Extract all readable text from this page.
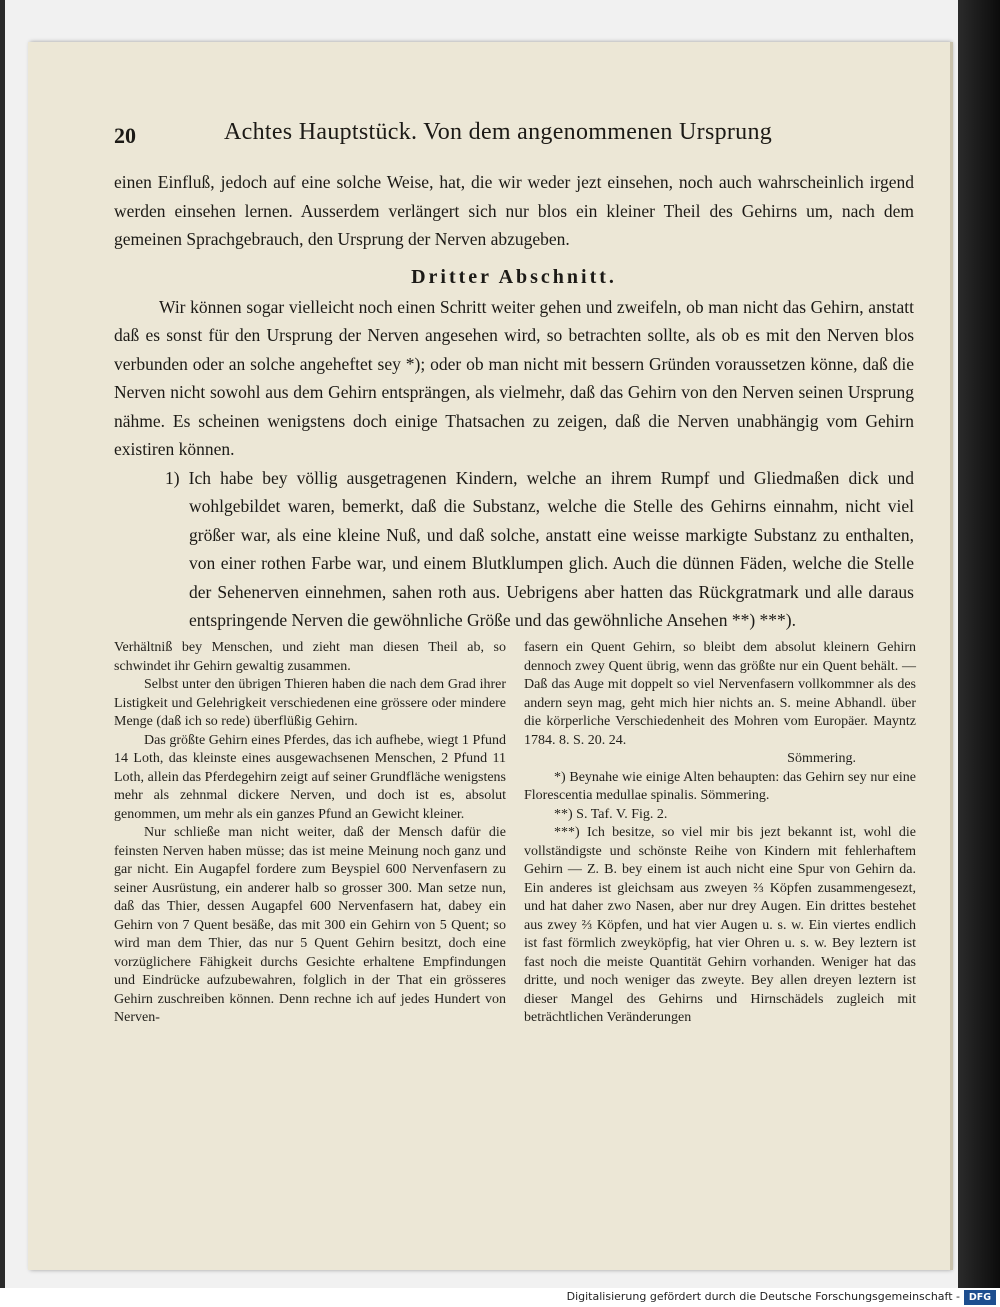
20	Achtes Hauptstück. Von dem angenommenen Ursprung

einen Einfluß, jedoch auf eine solche Weise, hat, die wir weder jezt einsehen, noch auch wahrscheinlich irgend werden einsehen lernen. Ausserdem verlängert sich nur blos ein kleiner Theil des Gehirns um, nach dem gemeinen Sprachgebrauch, den Ursprung der Nerven abzugeben.

Dritter Abschnitt.

Wir können sogar vielleicht noch einen Schritt weiter gehen und zweifeln, ob man nicht das Gehirn, anstatt daß es sonst für den Ursprung der Nerven angesehen wird, so betrachten sollte, als ob es mit den Nerven blos verbunden oder an solche angeheftet sey *); oder ob man nicht mit bessern Gründen voraussetzen könne, daß die Nerven nicht sowohl aus dem Gehirn entsprängen, als vielmehr, daß das Gehirn von den Nerven seinen Ursprung nähme. Es scheinen wenigstens doch einige Thatsachen zu zeigen, daß die Nerven unabhängig vom Gehirn existiren können.

1) Ich habe bey völlig ausgetragenen Kindern, welche an ihrem Rumpf und Gliedmaßen dick und wohlgebildet waren, bemerkt, daß die Substanz, welche die Stelle des Gehirns einnahm, nicht viel größer war, als eine kleine Nuß, und daß solche, anstatt eine weisse markigte Substanz zu enthalten, von einer rothen Farbe war, und einem Blutklumpen glich. Auch die dünnen Fäden, welche die Stelle der Sehenerven einnehmen, sahen roth aus. Uebrigens aber hatten das Rückgratmark und alle daraus entspringende Nerven die gewöhnliche Größe und das gewöhnliche Ansehen **) ***).

Verhältniß bey Menschen, und zieht man diesen Theil ab, so schwindet ihr Gehirn gewaltig zusammen.

Selbst unter den übrigen Thieren haben die nach dem Grad ihrer Listigkeit und Gelehrigkeit verschiedenen eine grössere oder mindere Menge (daß ich so rede) überflüßig Gehirn.

Das größte Gehirn eines Pferdes, das ich aufhebe, wiegt 1 Pfund 14 Loth, das kleinste eines ausgewachsenen Menschen, 2 Pfund 11 Loth, allein das Pferdegehirn zeigt auf seiner Grundfläche wenigstens mehr als zehnmal dickere Nerven, und doch ist es, absolut genommen, um mehr als ein ganzes Pfund an Gewicht kleiner.

Nur schließe man nicht weiter, daß der Mensch dafür die feinsten Nerven haben müsse; das ist meine Meinung noch ganz und gar nicht. Ein Augapfel fordere zum Beyspiel 600 Nervenfasern zu seiner Ausrüstung, ein anderer halb so grosser 300. Man setze nun, daß das Thier, dessen Augapfel 600 Nervenfasern hat, dabey ein Gehirn von 7 Quent besäße, das mit 300 ein Gehirn von 5 Quent; so wird man dem Thier, das nur 5 Quent Gehirn besitzt, doch eine vorzüglichere Fähigkeit durchs Gesichte erhaltene Empfindungen und Eindrücke aufzubewahren, folglich in der That ein grösseres Gehirn zuschreiben können. Denn rechne ich auf jedes Hundert von Nerven-

fasern ein Quent Gehirn, so bleibt dem absolut kleinern Gehirn dennoch zwey Quent übrig, wenn das größte nur ein Quent behält. — Daß das Auge mit doppelt so viel Nervenfasern vollkommner als des andern seyn mag, geht mich hier nichts an. S. meine Abhandl. über die körperliche Verschiedenheit des Mohren vom Europäer. Mayntz 1784. 8. S. 20. 24.

Sömmering.

*) Beynahe wie einige Alten behaupten: das Gehirn sey nur eine Florescentia medullae spinalis. Sömmering.

**) S. Taf. V. Fig. 2.

***) Ich besitze, so viel mir bis jezt bekannt ist, wohl die vollständigste und schönste Reihe von Kindern mit fehlerhaftem Gehirn — Z. B. bey einem ist auch nicht eine Spur von Gehirn da. Ein anderes ist gleichsam aus zweyen ⅔ Köpfen zusammengesezt, und hat daher zwo Nasen, aber nur drey Augen. Ein drittes bestehet aus zwey ⅔ Köpfen, und hat vier Augen u. s. w. Ein viertes endlich ist fast förmlich zweyköpfig, hat vier Ohren u. s. w. Bey leztern ist fast noch die meiste Quantität Gehirn vorhanden. Weniger hat das dritte, und noch weniger das zweyte. Bey allen dreyen leztern ist dieser Mangel des Gehirns und Hirnschädels zugleich mit beträchtlichen Veränderungen

Digitalisierung gefördert durch die Deutsche Forschungsgemeinschaft - DFG
